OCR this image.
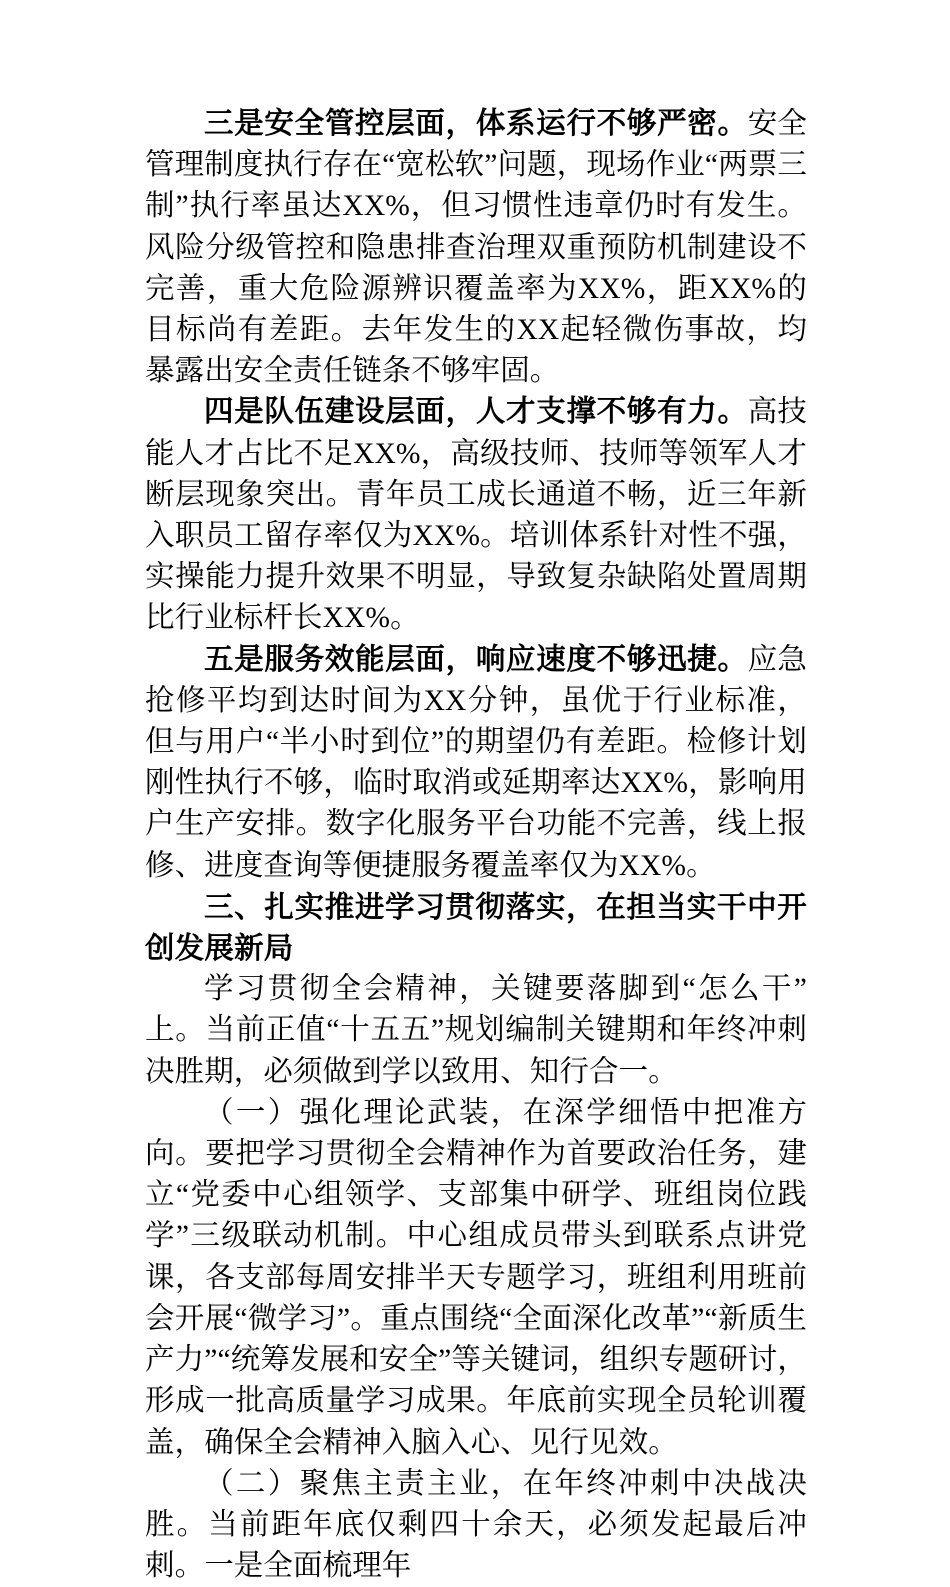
三是安全管控层面，体系运行不够严密。安全管理制度执行存在“宽松软”问题，现场作业“两票三制”执行率虽达XX%，但习惯性违章仍时有发生。风险分级管控和隐患排查治理双重预防机制建设不完善，重大危险源辨识覆盖率为XX%，距XX%的目标尚有差距。去年发生的XX起轻微伤事故，均暴露出安全责任链条不够牢固。

四是队伍建设层面，人才支撑不够有力。高技能人才占比不足XX%，高级技师、技师等领军人才断层现象突出。青年员工成长通道不畅，近三年新入职员工留存率仅为XX%。培训体系针对性不强，实操能力提升效果不明显，导致复杂缺陷处置周期比行业标杆长XX%。

五是服务效能层面，响应速度不够迅捷。应急抢修平均到达时间为XX分钟，虽优于行业标准，但与用户“半小时到位”的期望仍有差距。检修计划刚性执行不够，临时取消或延期率达XX%，影响用户生产安排。数字化服务平台功能不完善，线上报修、进度查询等便捷服务覆盖率仅为XX%。

三、扎实推进学习贯彻落实，在担当实干中开创发展新局

学习贯彻全会精神，关键要落脚到“怎么干”上。当前正值“十五五”规划编制关键期和年终冲刺决胜期，必须做到学以致用、知行合一。

（一）强化理论武装，在深学细悟中把准方向。要把学习贯彻全会精神作为首要政治任务，建立“党委中心组领学、支部集中研学、班组岗位践学”三级联动机制。中心组成员带头到联系点讲党课，各支部每周安排半天专题学习，班组利用班前会开展“微学习”。重点围绕“全面深化改革”“新质生产力”“统筹发展和安全”等关键词，组织专题研讨，形成一批高质量学习成果。年底前实现全员轮训覆盖，确保全会精神入脑入心、见行见效。

（二）聚焦主责主业，在年终冲刺中决战决胜。当前距年底仅剩四十余天，必须发起最后冲刺。一是全面梳理年
